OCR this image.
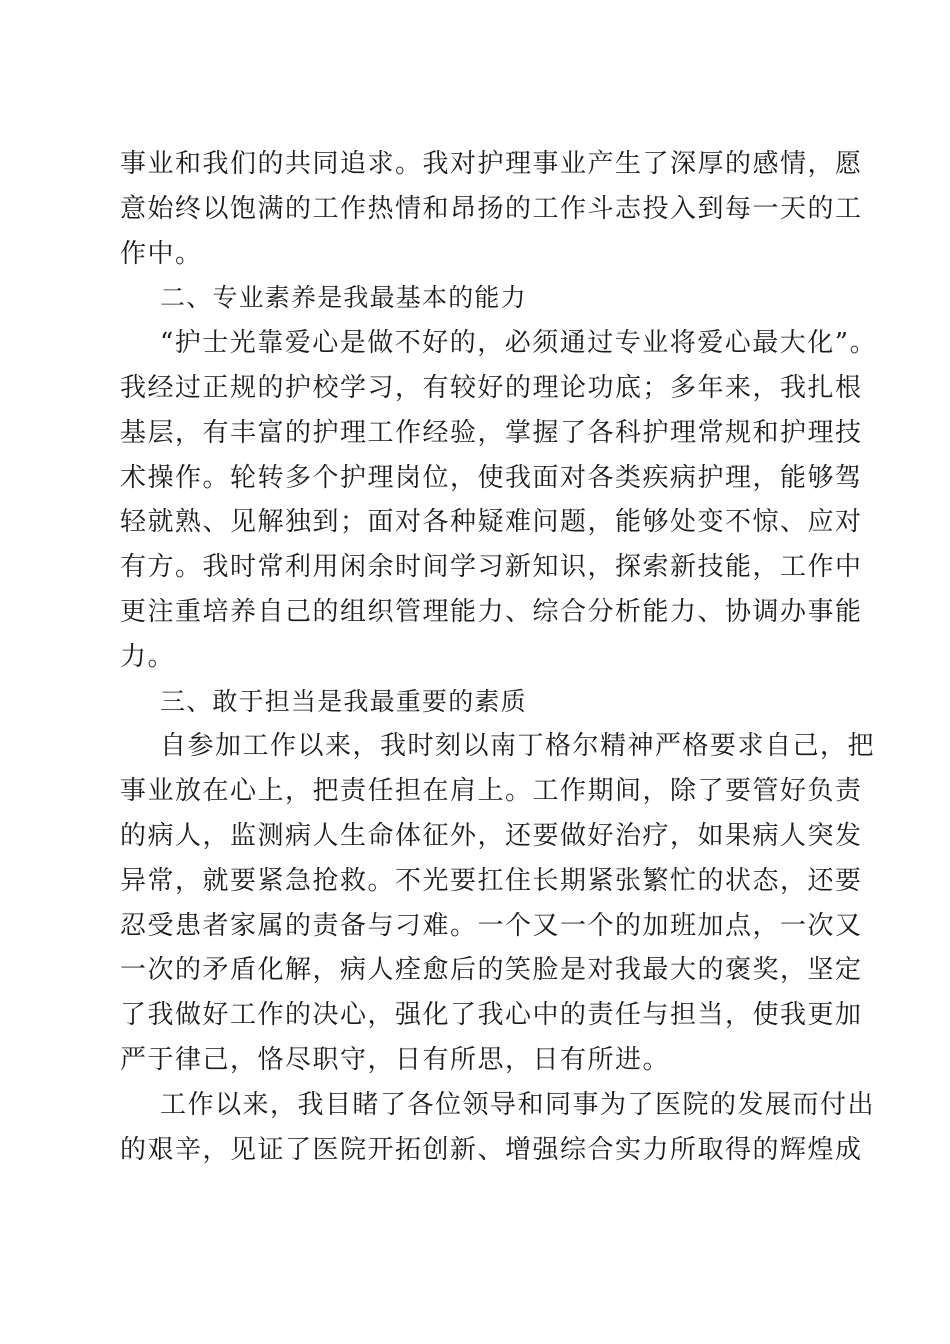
事业和我们的共同追求。我对护理事业产生了深厚的感情，愿
意始终以饱满的工作热情和昂扬的工作斗志投入到每一天的工
作中。
二、专业素养是我最基本的能力
“护士光靠爱心是做不好的，必须通过专业将爱心最大化”。
我经过正规的护校学习，有较好的理论功底；多年来，我扎根
基层，有丰富的护理工作经验，掌握了各科护理常规和护理技
术操作。轮转多个护理岗位，使我面对各类疾病护理，能够驾
轻就熟、见解独到；面对各种疑难问题，能够处变不惊、应对
有方。我时常利用闲余时间学习新知识，探索新技能，工作中
更注重培养自己的组织管理能力、综合分析能力、协调办事能
力。
三、敢于担当是我最重要的素质
自参加工作以来，我时刻以南丁格尔精神严格要求自己，把
事业放在心上，把责任担在肩上。工作期间，除了要管好负责
的病人，监测病人生命体征外，还要做好治疗，如果病人突发
异常，就要紧急抢救。不光要扛住长期紧张繁忙的状态，还要
忍受患者家属的责备与刁难。一个又一个的加班加点，一次又
一次的矛盾化解，病人痊愈后的笑脸是对我最大的褒奖，坚定
了我做好工作的决心，强化了我心中的责任与担当，使我更加
严于律己，恪尽职守，日有所思，日有所进。
工作以来，我目睹了各位领导和同事为了医院的发展而付出
的艰辛，见证了医院开拓创新、增强综合实力所取得的辉煌成
